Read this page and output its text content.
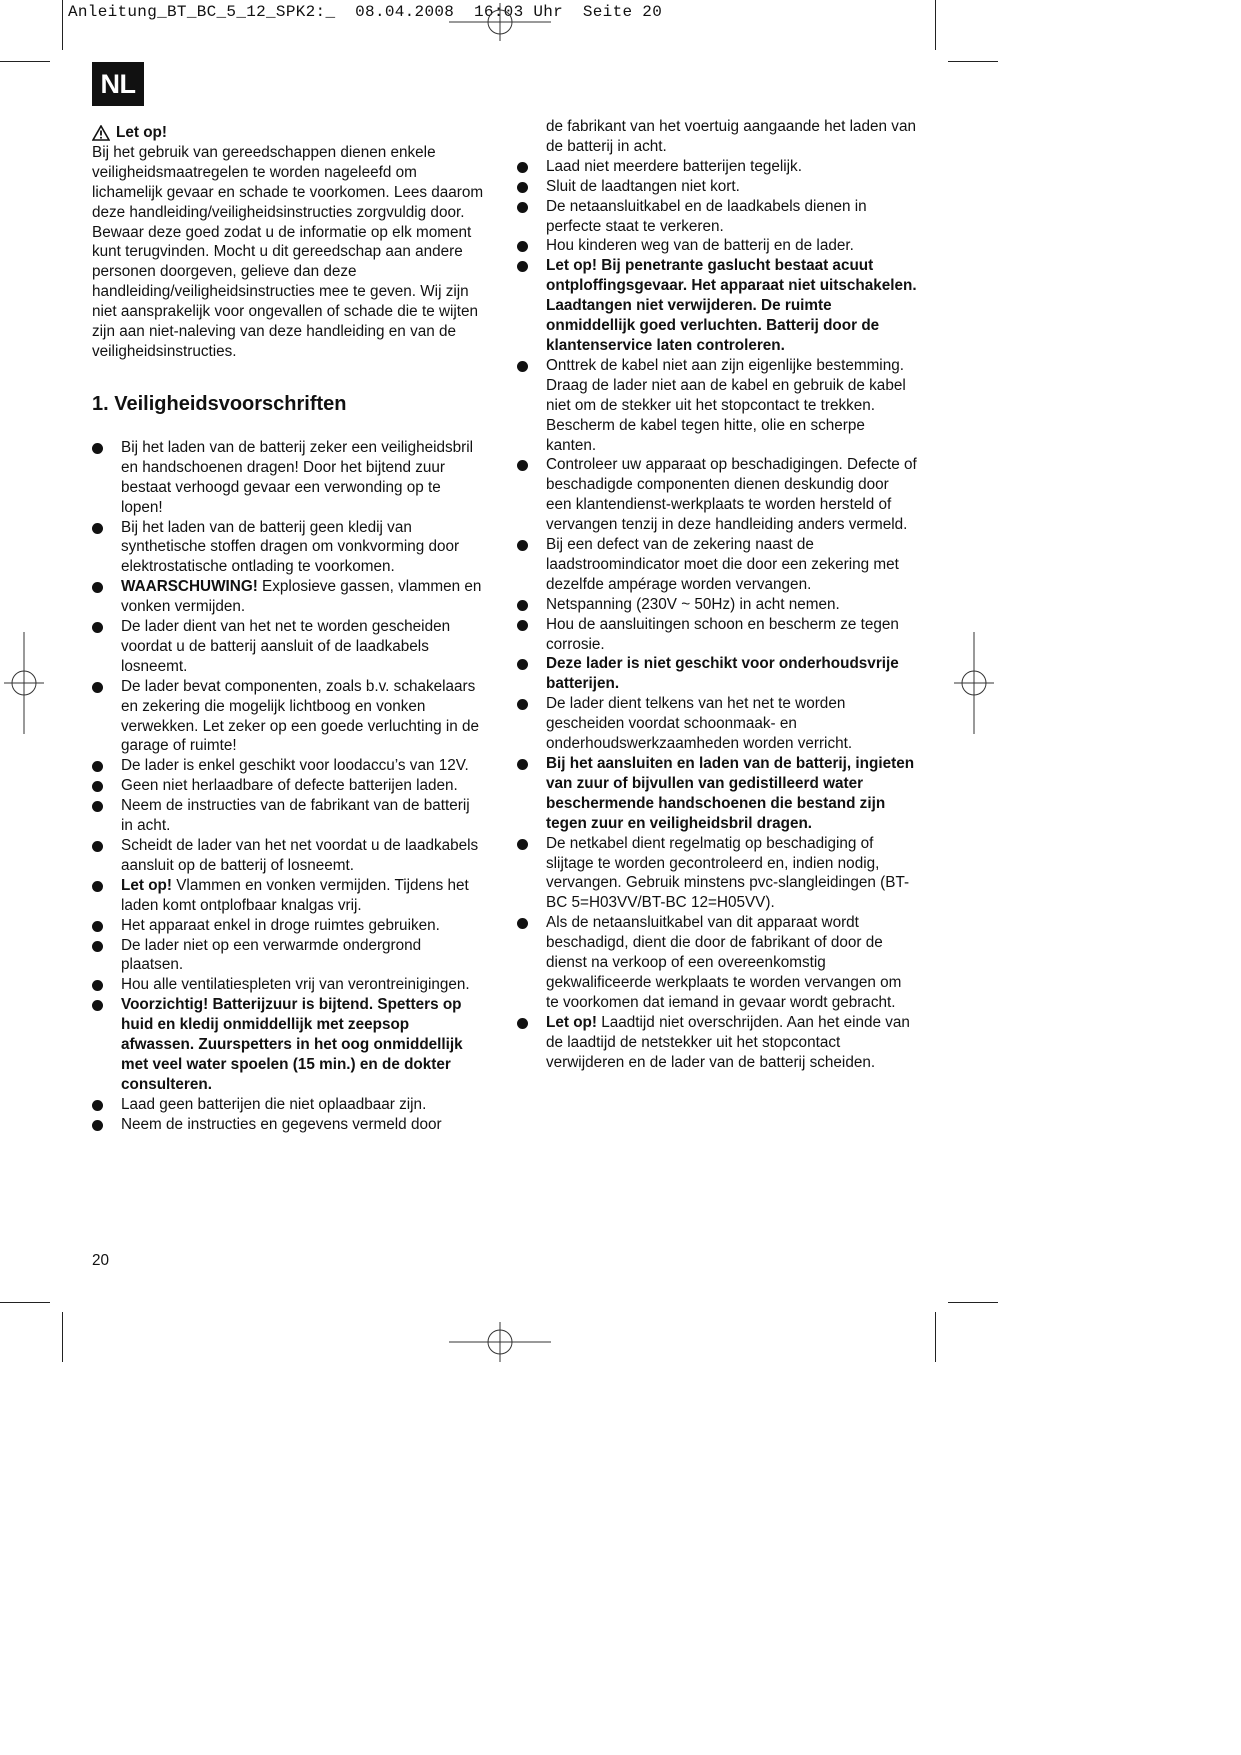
Anleitung_BT_BC_5_12_SPK2:_  08.04.2008  16:03 Uhr  Seite 20
NL
Let op!

Bij het gebruik van gereedschappen dienen enkele veiligheidsmaatregelen te worden nageleefd om lichamelijk gevaar en schade te voorkomen. Lees daarom deze handleiding/veiligheidsinstructies zorgvuldig door. Bewaar deze goed zodat u de informatie op elk moment kunt terugvinden. Mocht u dit gereedschap aan andere personen doorgeven, gelieve dan deze handleiding/veiligheidsinstructies mee te geven. Wij zijn niet aansprakelijk voor ongevallen of schade die te wijten zijn aan niet-naleving van deze handleiding en van de veiligheidsinstructies.

1. Veiligheidsvoorschriften
Bij het laden van de batterij zeker een veiligheidsbril en handschoenen dragen! Door het bijtend zuur bestaat verhoogd gevaar een verwonding op te lopen!
Bij het laden van de batterij geen kledij van synthetische stoffen dragen om vonkvorming door elektrostatische ontlading te voorkomen.
WAARSCHUWING! Explosieve gassen, vlammen en vonken vermijden.
De lader dient van het net te worden gescheiden voordat u de batterij aansluit of de laadkabels losneemt.
De lader bevat componenten, zoals b.v. schakelaars en zekering die mogelijk lichtboog en vonken verwekken. Let zeker op een goede verluchting in de garage of ruimte!
De lader is enkel geschikt voor loodaccu’s van 12V.
Geen niet herlaadbare of defecte batterijen laden.
Neem de instructies van de fabrikant van de batterij in acht.
Scheidt de lader van het net voordat u de laadkabels aansluit op de batterij of losneemt.
Let op! Vlammen en vonken vermijden. Tijdens het laden komt ontplofbaar knalgas vrij.
Het apparaat enkel in droge ruimtes gebruiken.
De lader niet op een verwarmde ondergrond plaatsen.
Hou alle ventilatiespleten vrij van verontreinigingen.
Voorzichtig! Batterijzuur is bijtend. Spetters op huid en kledij onmiddellijk met zeepsop afwassen. Zuurspetters in het oog onmiddellijk met veel water spoelen (15 min.) en de dokter consulteren.
Laad geen batterijen die niet oplaadbaar zijn.
Neem de instructies en gegevens vermeld door
de fabrikant van het voertuig aangaande het laden van de batterij in acht.
Laad niet meerdere batterijen tegelijk.
Sluit de laadtangen niet kort.
De netaansluitkabel en de laadkabels dienen in perfecte staat te verkeren.
Hou kinderen weg van de batterij en de lader.
Let op! Bij penetrante gaslucht bestaat acuut ontploffingsgevaar. Het apparaat niet uitschakelen. Laadtangen niet verwijderen. De ruimte onmiddellijk goed verluchten. Batterij door de klantenservice laten controleren.
Onttrek de kabel niet aan zijn eigenlijke bestemming. Draag de lader niet aan de kabel en gebruik de kabel niet om de stekker uit het stopcontact te trekken. Bescherm de kabel tegen hitte, olie en scherpe kanten.
Controleer uw apparaat op beschadigingen. Defecte of beschadigde componenten dienen deskundig door een klantendienst-werkplaats te worden hersteld of vervangen tenzij in deze handleiding anders vermeld.
Bij een defect van de zekering naast de laadstroomindicator moet die door een zekering met dezelfde ampérage worden vervangen.
Netspanning (230V ~ 50Hz) in acht nemen.
Hou de aansluitingen schoon en bescherm ze tegen corrosie.
Deze lader is niet geschikt voor onderhoudsvrije batterijen.
De lader dient telkens van het net te worden gescheiden voordat schoonmaak- en onderhoudswerkzaamheden worden verricht.
Bij het aansluiten en laden van de batterij, ingieten van zuur of bijvullen van gedistilleerd water beschermende handschoenen die bestand zijn tegen zuur en veiligheidsbril dragen.
De netkabel dient regelmatig op beschadiging of slijtage te worden gecontroleerd en, indien nodig, vervangen. Gebruik minstens pvc-slangleidingen (BT-BC 5=H03VV/BT-BC 12=H05VV).
Als de netaansluitkabel van dit apparaat wordt beschadigd, dient die door de fabrikant of door de dienst na verkoop of een overeenkomstig gekwalificeerde werkplaats te worden vervangen om te voorkomen dat iemand in gevaar wordt gebracht.
Let op! Laadtijd niet overschrijden. Aan het einde van de laadtijd de netstekker uit het stopcontact verwijderen en de lader van de batterij scheiden.
20
